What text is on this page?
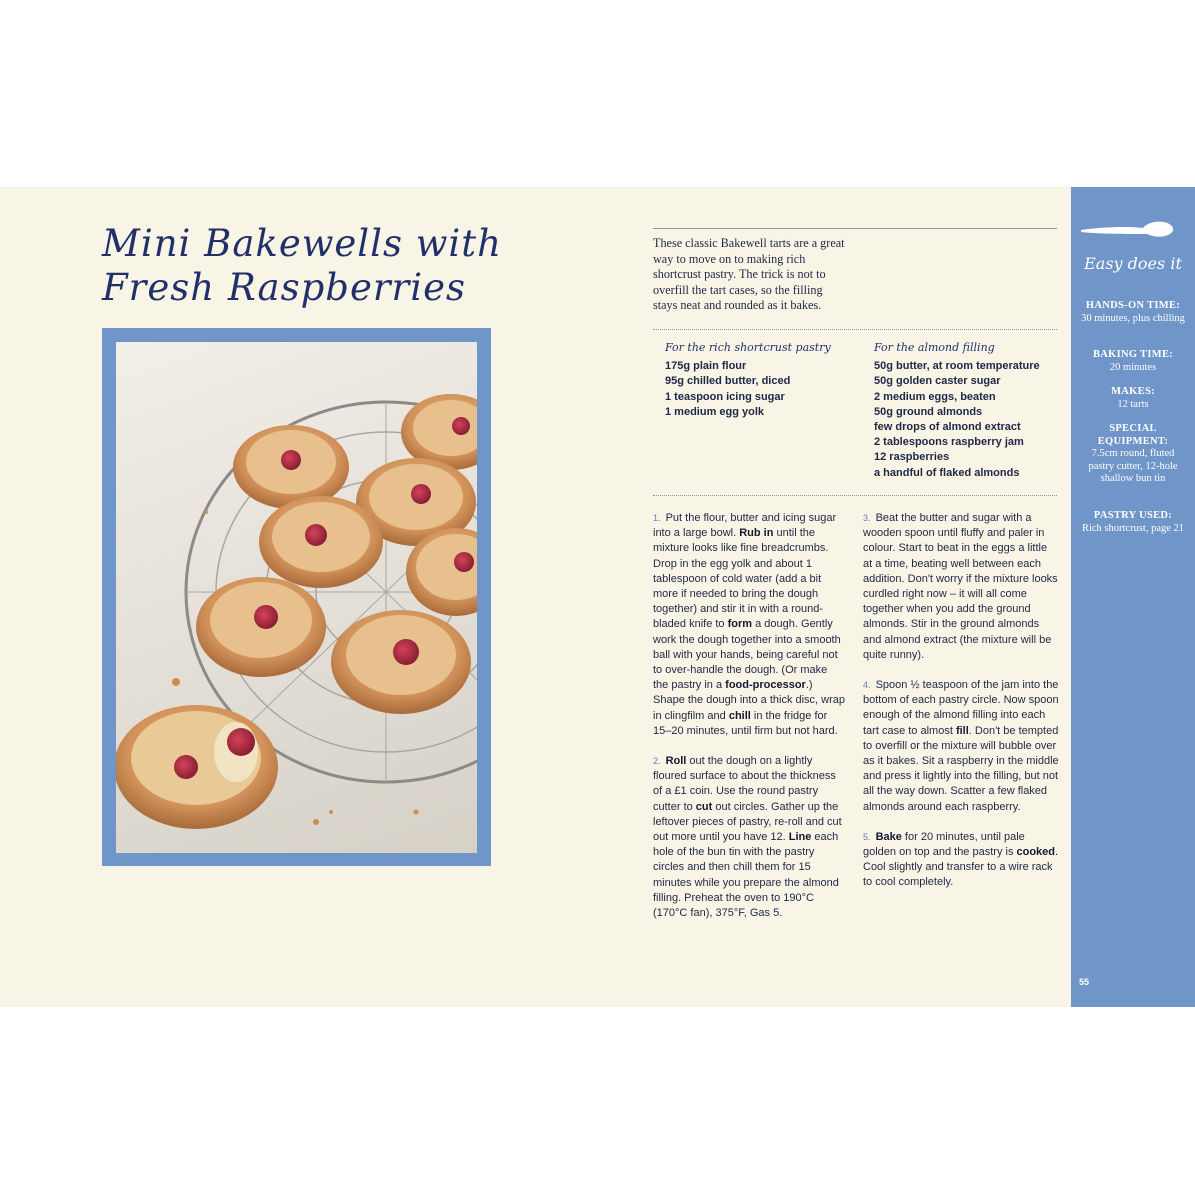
Mini Bakewells with
Fresh Raspberries

These classic Bakewell tarts are a great way to move on to making rich shortcrust pastry. The trick is not to overfill the tart cases, so the filling stays neat and rounded as it bakes.

For the rich shortcrust pastry
175g plain flour
95g chilled butter, diced
1 teaspoon icing sugar
1 medium egg yolk
For the almond filling
50g butter, at room temperature
50g golden caster sugar
2 medium eggs, beaten
50g ground almonds
few drops of almond extract
2 tablespoons raspberry jam
12 raspberries
a handful of flaked almonds

1. Put the flour, butter and icing sugar into a large bowl. Rub in until the mixture looks like fine breadcrumbs. Drop in the egg yolk and about 1 tablespoon of cold water (add a bit more if needed to bring the dough together) and stir it in with a round-bladed knife to form a dough. Gently work the dough together into a smooth ball with your hands, being careful not to over-handle the dough. (Or make the pastry in a food-processor.) Shape the dough into a thick disc, wrap in clingfilm and chill in the fridge for 15–20 minutes, until firm but not hard.

2. Roll out the dough on a lightly floured surface to about the thickness of a £1 coin. Use the round pastry cutter to cut out circles. Gather up the leftover pieces of pastry, re-roll and cut out more until you have 12. Line each hole of the bun tin with the pastry circles and then chill them for 15 minutes while you prepare the almond filling. Preheat the oven to 190°C (170°C fan), 375°F, Gas 5.

3. Beat the butter and sugar with a wooden spoon until fluffy and paler in colour. Start to beat in the eggs a little at a time, beating well between each addition. Don't worry if the mixture looks curdled right now – it will all come together when you add the ground almonds. Stir in the ground almonds and almond extract (the mixture will be quite runny).

4. Spoon ½ teaspoon of the jam into the bottom of each pastry circle. Now spoon enough of the almond filling into each tart case to almost fill. Don't be tempted to overfill or the mixture will bubble over as it bakes. Sit a raspberry in the middle and press it lightly into the filling, but not all the way down. Scatter a few flaked almonds around each raspberry.

5. Bake for 20 minutes, until pale golden on top and the pastry is cooked. Cool slightly and transfer to a wire rack to cool completely.

Easy does it
HANDS-ON TIME:
30 minutes, plus chilling
BAKING TIME:
20 minutes
MAKES:
12 tarts
SPECIAL EQUIPMENT:
7.5cm round, fluted pastry cutter, 12-hole shallow bun tin
PASTRY USED:
Rich shortcrust, page 21
55
